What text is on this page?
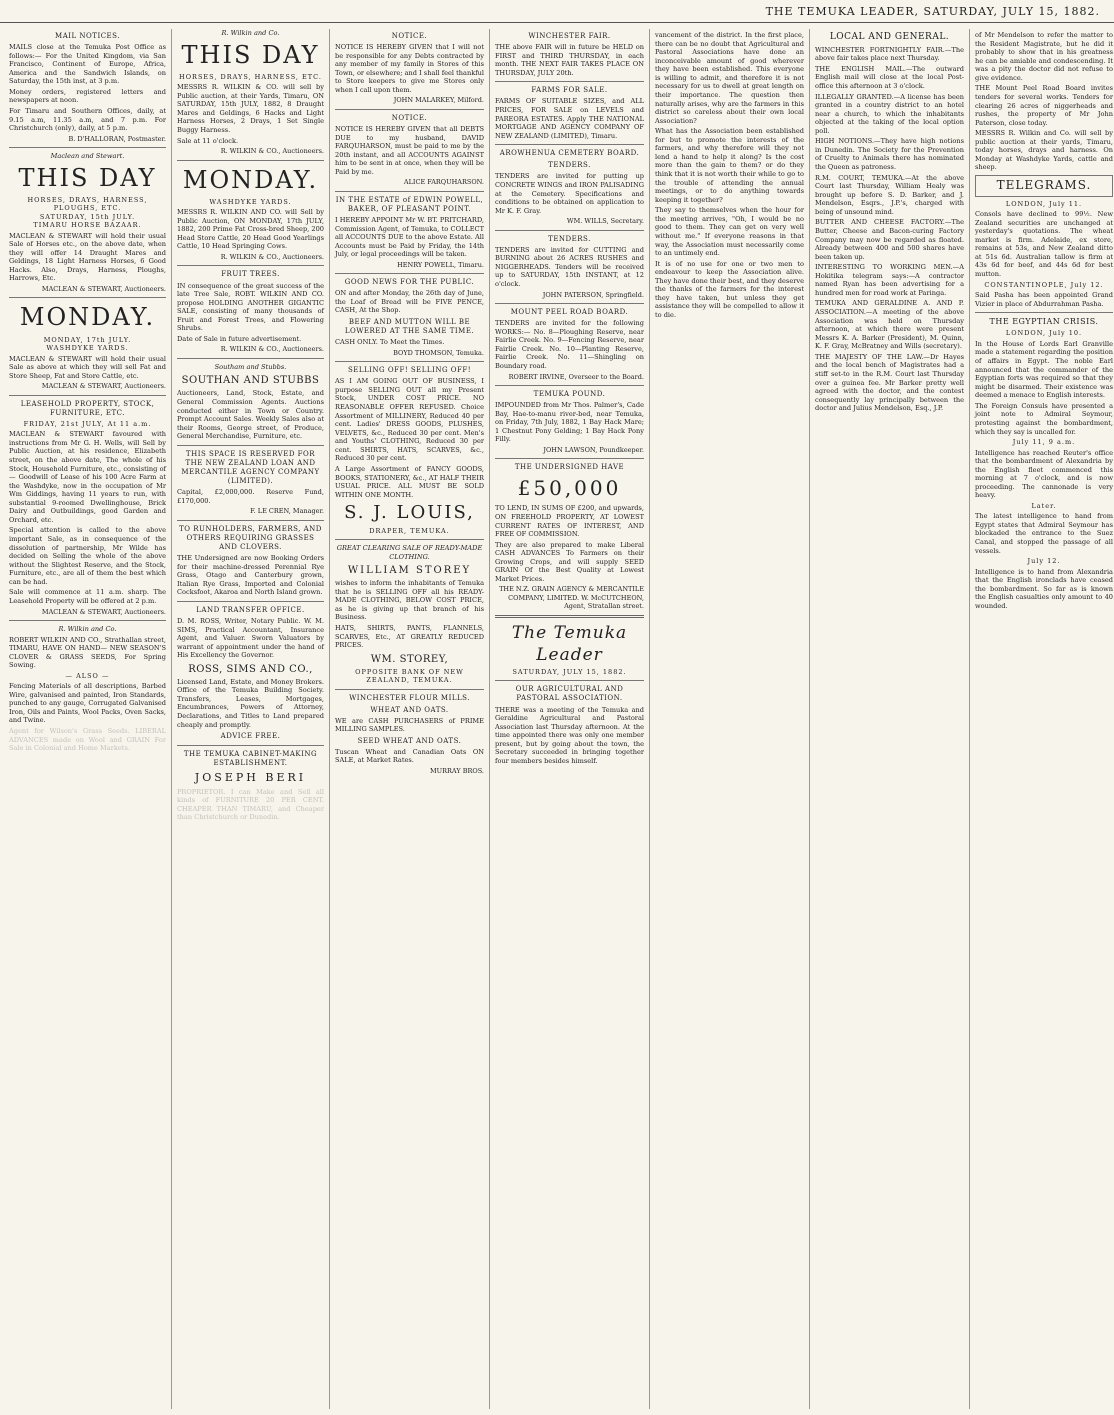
THE TEMUKA LEADER, SATURDAY, JULY 15, 1882.
MAIL NOTICES.

MAILS close at the Temuka Post Office as follows:— For the United Kingdom, via San Francisco, Continent of Europe, Africa, America and the Sandwich Islands, on Saturday, the 15th inst, at 3 p.m.

Money orders, registered letters and newspapers at noon.

For Timaru and Southern Offices, daily, at 9.15 a.m, 11.35 a.m, and 7 p.m. For Christchurch (only), daily, at 5 p.m.

B. D'HALLORAN, Postmaster.
Maclean and Stewart.
THIS DAY
HORSES, DRAYS, HARNESS, PLOUGHS, ETC.
SATURDAY, 15th JULY.
TIMARU HORSE BAZAAR.

MACLEAN & STEWART will hold their usual Sale of Horses etc., on the above date, when they will offer 14 Draught Mares and Geldings, 18 Light Harness Horses, 6 Good Hacks. Also, Drays, Harness, Ploughs, Harrows, Etc.

MACLEAN & STEWART, Auctioneers.
MONDAY.
MONDAY, 17th JULY.
WASHDYKE YARDS.

MACLEAN & STEWART will hold their usual Sale as above at which they will sell Fat and Store Sheep, Fat and Store Cattle, etc.

MACLEAN & STEWART, Auctioneers.
LEASEHOLD PROPERTY, STOCK, FURNITURE, ETC.
FRIDAY, 21st JULY, At 11 a.m.

MACLEAN & STEWART favoured with instructions from Mr G. H. Wells, will Sell by Public Auction, at his residence, Elizabeth street, on the above date, The whole of his Stock, Household Furniture, etc., consisting of — Goodwill of Lease of his 100 Acre Farm at the Washdyke, now in the occupation of Mr Wm Giddings, having 11 years to run, with substantial 9-roomed Dwellinghouse, Brick Dairy and Outbuildings, good Garden and Orchard, etc.

Special attention is called to the above important Sale, as in consequence of the dissolution of partnership, Mr Wilde has decided on Selling the whole of the above without the Slightest Reserve, and the Stock, Furniture, etc., are all of them the best which can be had.

Sale will commence at 11 a.m. sharp. The Leasehold Property will be offered at 2 p.m.

MACLEAN & STEWART, Auctioneers.
R. Wilkin and Co.

ROBERT WILKIN AND CO., Strathallan street, TIMARU, HAVE ON HAND— NEW SEASON'S CLOVER & GRASS SEEDS, For Spring Sowing.

— ALSO —

Fencing Materials of all descriptions, Barbed Wire, galvanised and painted, Iron Standards, punched to any gauge, Corrugated Galvanised Iron, Oils and Paints, Wool Packs, Oven Sacks, and Twine.

Agent for Wilson's Grass Seeds. LIBERAL ADVANCES made on Wool and GRAIN For Sale in Colonial and Home Markets.

R. Wilkin and Co.
THIS DAY
HORSES, DRAYS, HARNESS, ETC.

MESSRS R. WILKIN & CO. will sell by Public auction, at their Yards, Timaru, ON SATURDAY, 15th JULY, 1882, 8 Draught Mares and Geldings, 6 Hacks and Light Harness Horses, 2 Drays, 1 Set Single Buggy Harness.

Sale at 11 o'clock.

R. WILKIN & CO., Auctioneers.
MONDAY.
WASHDYKE YARDS.

MESSRS R. WILKIN AND CO. will Sell by Public Auction, ON MONDAY, 17th JULY, 1882, 200 Prime Fat Cross-bred Sheep, 200 Head Store Cattle, 20 Head Good Yearlings Cattle, 10 Head Springing Cows.

R. WILKIN & CO., Auctioneers.
FRUIT TREES.

IN consequence of the great success of the late Tree Sale, ROBT. WILKIN AND CO. propose HOLDING ANOTHER GIGANTIC SALE, consisting of many thousands of Fruit and Forest Trees, and Flowering Shrubs.

Date of Sale in future advertisement.

R. WILKIN & CO., Auctioneers.
Southam and Stubbs.
SOUTHAN AND STUBBS

Auctioneers, Land, Stock, Estate, and General Commission Agents. Auctions conducted either in Town or Country. Prompt Account Sales. Weekly Sales also at their Rooms, George street, of Produce, General Merchandise, Furniture, etc.

THIS SPACE IS RESERVED FOR THE NEW ZEALAND LOAN AND MERCANTILE AGENCY COMPANY (LIMITED).

Capital, £2,000,000. Reserve Fund, £170,000.

F. LE CREN, Manager.
TO RUNHOLDERS, FARMERS, AND OTHERS REQUIRING GRASSES AND CLOVERS.

THE Undersigned are now Booking Orders for their machine-dressed Perennial Rye Grass, Otago and Canterbury grown, Italian Rye Grass, Imported and Colonial Cocksfoot, Akaroa and North Island grown.

LAND TRANSFER OFFICE.

D. M. ROSS, Writer, Notary Public. W. M. SIMS, Practical Accountant, Insurance Agent, and Valuer. Sworn Valuators by warrant of appointment under the hand of His Excellency the Governor.

ROSS, SIMS AND CO.,

Licensed Land, Estate, and Money Brokers. Office of the Temuka Building Society. Transfers, Leases, Mortgages, Encumbrances, Powers of Attorney, Declarations, and Titles to Land prepared cheaply and promptly.

ADVICE FREE.
THE TEMUKA CABINET-MAKING ESTABLISHMENT.
JOSEPH BERI

PROPRIETOR. I can Make and Sell all kinds of FURNITURE 20 PER CENT. CHEAPER THAN TIMARU, and Cheaper than Christchurch or Dunedin.

NOTICE.

NOTICE IS HEREBY GIVEN that I will not be responsible for any Debts contracted by any member of my family in Stores of this Town, or elsewhere; and I shall feel thankful to Store keepers to give me Stores only when I call upon them.

JOHN MALARKEY, Milford.
NOTICE.

NOTICE IS HEREBY GIVEN that all DEBTS DUE to my husband, DAVID FARQUHARSON, must be paid to me by the 20th instant, and all ACCOUNTS AGAINST him to be sent in at once, when they will be Paid by me.

ALICE FARQUHARSON.
IN THE ESTATE of EDWIN POWELL, BAKER, OF PLEASANT POINT.

I HEREBY APPOINT Mr W. BT. PRITCHARD, Commission Agent, of Temuka, to COLLECT all ACCOUNTS DUE to the above Estate. All Accounts must be Paid by Friday, the 14th July, or legal proceedings will be taken.

HENRY POWELL, Timaru.
GOOD NEWS FOR THE PUBLIC.

ON and after Monday, the 26th day of June, the Loaf of Bread will be FIVE PENCE, CASH, At the Shop.

BEEF AND MUTTON WILL BE LOWERED AT THE SAME TIME.

CASH ONLY. To Meet the Times.

BOYD THOMSON, Temuka.
SELLING OFF! SELLING OFF!

AS I AM GOING OUT OF BUSINESS, I purpose SELLING OUT all my Present Stock, UNDER COST PRICE. NO REASONABLE OFFER REFUSED. Choice Assortment of MILLINERY, Reduced 40 per cent. Ladies' DRESS GOODS, PLUSHES, VELVETS, &c., Reduced 30 per cent. Men's and Youths' CLOTHING, Reduced 30 per cent. SHIRTS, HATS, SCARVES, &c., Reduced 30 per cent.

A Large Assortment of FANCY GOODS, BOOKS, STATIONERY, &c., AT HALF THEIR USUAL PRICE. ALL MUST BE SOLD WITHIN ONE MONTH.

S. J. LOUIS,
DRAPER, TEMUKA.
GREAT CLEARING SALE OF READY-MADE CLOTHING.
WILLIAM STOREY

wishes to inform the inhabitants of Temuka that he is SELLING OFF all his READY-MADE CLOTHING, BELOW COST PRICE, as he is giving up that branch of his Business.

HATS, SHIRTS, PANTS, FLANNELS, SCARVES, Etc., AT GREATLY REDUCED PRICES.

WM. STOREY,
OPPOSITE BANK OF NEW ZEALAND, TEMUKA.
WINCHESTER FLOUR MILLS.
WHEAT AND OATS.

WE are CASH PURCHASERS of PRIME MILLING SAMPLES.

SEED WHEAT AND OATS.

Tuscan Wheat and Canadian Oats ON SALE, at Market Rates.

MURRAY BROS.
WINCHESTER FAIR.

THE above FAIR will in future be HELD on FIRST and THIRD THURSDAY, in each month. THE NEXT FAIR TAKES PLACE ON THURSDAY, JULY 20th.

FARMS FOR SALE.

FARMS OF SUITABLE SIZES, and ALL PRICES, FOR SALE on LEVELS and PAREORA ESTATES. Apply THE NATIONAL MORTGAGE AND AGENCY COMPANY OF NEW ZEALAND (LIMITED), Timaru.

AROWHENUA CEMETERY BOARD.
TENDERS.

TENDERS are invited for putting up CONCRETE WINGS and IRON PALISADING at the Cemetery. Specifications and conditions to be obtained on application to Mr K. F. Gray.

WM. WILLS, Secretary.
TENDERS.

TENDERS are invited for CUTTING and BURNING about 26 ACRES RUSHES and NIGGERHEADS. Tenders will be received up to SATURDAY, 15th INSTANT, at 12 o'clock.

JOHN PATERSON, Springfield.
MOUNT PEEL ROAD BOARD.

TENDERS are invited for the following WORKS:— No. 8—Ploughing Reserve, near Fairlie Creek. No. 9—Fencing Reserve, near Fairlie Creek. No. 10—Planting Reserve, Fairlie Creek. No. 11—Shingling on Boundary road.

ROBERT IRVINE, Overseer to the Board.
TEMUKA POUND.

IMPOUNDED from Mr Thos. Palmer's, Cade Bay, Hae-to-manu river-bed, near Temuka, on Friday, 7th July, 1882, 1 Bay Hack Mare; 1 Chestnut Pony Gelding; 1 Bay Hack Pony Filly.

JOHN LAWSON, Poundkeeper.
THE UNDERSIGNED HAVE
£50,000

TO LEND, IN SUMS OF £200, and upwards, ON FREEHOLD PROPERTY, AT LOWEST CURRENT RATES OF INTEREST, AND FREE OF COMMISSION.

They are also prepared to make Liberal CASH ADVANCES To Farmers on their Growing Crops, and will supply SEED GRAIN Of the Best Quality at Lowest Market Prices.

THE N.Z. GRAIN AGENCY & MERCANTILE COMPANY, LIMITED. W. McCUTCHEON, Agent, Stratallan street.
The Temuka Leader
SATURDAY, JULY 15, 1882.
OUR AGRICULTURAL AND PASTORAL ASSOCIATION.

THERE was a meeting of the Temuka and Geraldine Agricultural and Pastoral Association last Thursday afternoon. At the time appointed there was only one member present, but by going about the town, the Secretary succeeded in bringing together four members besides himself.

vancement of the district. In the first place, there can be no doubt that Agricultural and Pastoral Associations have done an inconceivable amount of good wherever they have been established. This everyone is willing to admit, and therefore it is not necessary for us to dwell at great length on their importance. The question then naturally arises, why are the farmers in this district so careless about their own local Association?

What has the Association been established for but to promote the interests of the farmers, and why therefore will they not lend a hand to help it along? Is the cost more than the gain to them? or do they think that it is not worth their while to go to the trouble of attending the annual meetings, or to do anything towards keeping it together?

They say to themselves when the hour for the meeting arrives, "Oh, I would be no good to them. They can get on very well without me." If everyone reasons in that way, the Association must necessarily come to an untimely end.

It is of no use for one or two men to endeavour to keep the Association alive. They have done their best, and they deserve the thanks of the farmers for the interest they have taken, but unless they get assistance they will be compelled to allow it to die.

LOCAL AND GENERAL.

WINCHESTER FORTNIGHTLY FAIR.—The above fair takes place next Thursday.

THE ENGLISH MAIL.—The outward English mail will close at the local Post-office this afternoon at 3 o'clock.

ILLEGALLY GRANTED.—A license has been granted in a country district to an hotel near a church, to which the inhabitants objected at the taking of the local option poll.

HIGH NOTIONS.—They have high notions in Dunedin. The Society for the Prevention of Cruelty to Animals there has nominated the Queen as patroness.

R.M. COURT, TEMUKA.—At the above Court last Thursday, William Healy was brought up before S. D. Barker, and J. Mendelson, Esqrs., J.P.'s, charged with being of unsound mind.

BUTTER AND CHEESE FACTORY.—The Butter, Cheese and Bacon-curing Factory Company may now be regarded as floated. Already between 400 and 500 shares have been taken up.

INTERESTING TO WORKING MEN.—A Hokitika telegram says:—A contractor named Ryan has been advertising for a hundred men for road work at Paringa.

TEMUKA AND GERALDINE A. AND P. ASSOCIATION.—A meeting of the above Association was held on Thursday afternoon, at which there were present Messrs K. A. Barker (President), M. Quinn, K. F. Gray, McBratney and Wills (secretary).

THE MAJESTY OF THE LAW.—Dr Hayes and the local bench of Magistrates had a stiff set-to in the R.M. Court last Thursday over a guinea fee. Mr Barker pretty well agreed with the doctor, and the contest consequently lay principally between the doctor and Julius Mendelson, Esq., J.P.

of Mr Mendelson to refer the matter to the Resident Magistrate, but he did it probably to show that in his greatness he can be amiable and condescending. It was a pity the doctor did not refuse to give evidence.

THE Mount Peel Road Board invites tenders for several works. Tenders for clearing 26 acres of niggerheads and rushes, the property of Mr John Paterson, close today.

MESSRS R. Wilkin and Co. will sell by public auction at their yards, Timaru, today horses, drays and harness. On Monday at Washdyke Yards, cattle and sheep.

TELEGRAMS.
LONDON, July 11.

Consols have declined to 99½. New Zealand securities are unchanged at yesterday's quotations. The wheat market is firm. Adelaide, ex store, remains at 53s, and New Zealand ditto at 51s 6d. Australian tallow is firm at 43s 6d for beef, and 44s 6d for best mutton.

CONSTANTINOPLE, July 12.

Said Pasha has been appointed Grand Vizier in place of Abdurrahman Pasha.

THE EGYPTIAN CRISIS.
LONDON, July 10.

In the House of Lords Earl Granville made a statement regarding the position of affairs in Egypt. The noble Earl announced that the commander of the Egyptian forts was required so that they might be disarmed. Their existence was deemed a menace to English interests.

The Foreign Consuls have presented a joint note to Admiral Seymour, protesting against the bombardment, which they say is uncalled for.

July 11, 9 a.m.

Intelligence has reached Reuter's office that the bombardment of Alexandria by the English fleet commenced this morning at 7 o'clock, and is now proceeding. The cannonade is very heavy.

Later.

The latest intelligence to hand from Egypt states that Admiral Seymour has blockaded the entrance to the Suez Canal, and stopped the passage of all vessels.

July 12.

Intelligence is to hand from Alexandria that the English ironclads have ceased the bombardment. So far as is known the English casualties only amount to 40 wounded.
